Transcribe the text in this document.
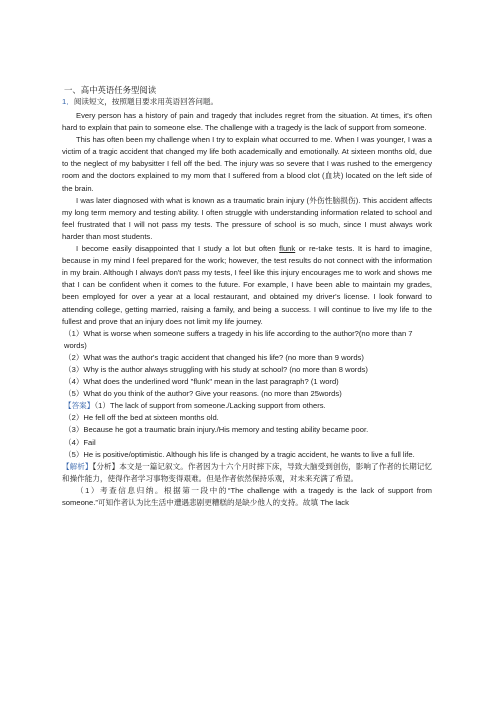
一、高中英语任务型阅读
1．阅读短文，按照题目要求用英语回答问题。

Every person has a history of pain and tragedy that includes regret from the situation. At times, it's often hard to explain that pain to someone else. The challenge with a tragedy is the lack of support from someone.

This has often been my challenge when I try to explain what occurred to me. When I was younger, I was a victim of a tragic accident that changed my life both academically and emotionally. At sixteen months old, due to the neglect of my babysitter I fell off the bed. The injury was so severe that I was rushed to the emergency room and the doctors explained to my mom that I suffered from a blood clot (血块) located on the left side of the brain.

I was later diagnosed with what is known as a traumatic brain injury (外伤性脑损伤). This accident affects my long term memory and testing ability. I often struggle with understanding information related to school and feel frustrated that I will not pass my tests. The pressure of school is so much, since I must always work harder than most students.

I become easily disappointed that I study a lot but often flunk or re-take tests. It is hard to imagine, because in my mind I feel prepared for the work; however, the test results do not connect with the information in my brain. Although I always don't pass my tests, I feel like this injury encourages me to work and shows me that I can be confident when it comes to the future. For example, I have been able to maintain my grades, been employed for over a year at a local restaurant, and obtained my driver's license. I look forward to attending college, getting married, raising a family, and being a success. I will continue to live my life to the fullest and prove that an injury does not limit my life journey.

（1）What is worse when someone suffers a tragedy in his life according to the author?(no more than 7 words)

（2）What was the author's tragic accident that changed his life? (no more than 9 words)

（3）Why is the author always struggling with his study at school? (no more than 8 words)

（4）What does the underlined word "flunk" mean in the last paragraph? (1 word)

（5）What do you think of the author? Give your reasons. (no more than 25words)

【答案】（1）The lack of support from someone./Lacking support from others.

（2）He fell off the bed at sixteen months old.

（3）Because he got a traumatic brain injury./His memory and testing ability became poor.

（4）Fail

（5）He is positive/optimistic. Although his life is changed by a tragic accident, he wants to live a full life.

【解析】【分析】本文是一篇记叙文。作者因为十六个月时摔下床，导致大脑受到创伤，影响了作者的长期记忆和操作能力，使得作者学习事物变得艰难。但是作者依然保持乐观，对未来充满了希望。

（1）考查信息归纳。根据第一段中的“The challenge with a tragedy is the lack of support from someone.”可知作者认为比生活中遭遇悲剧更糟糕的是缺少他人的支持。故填 The lack
